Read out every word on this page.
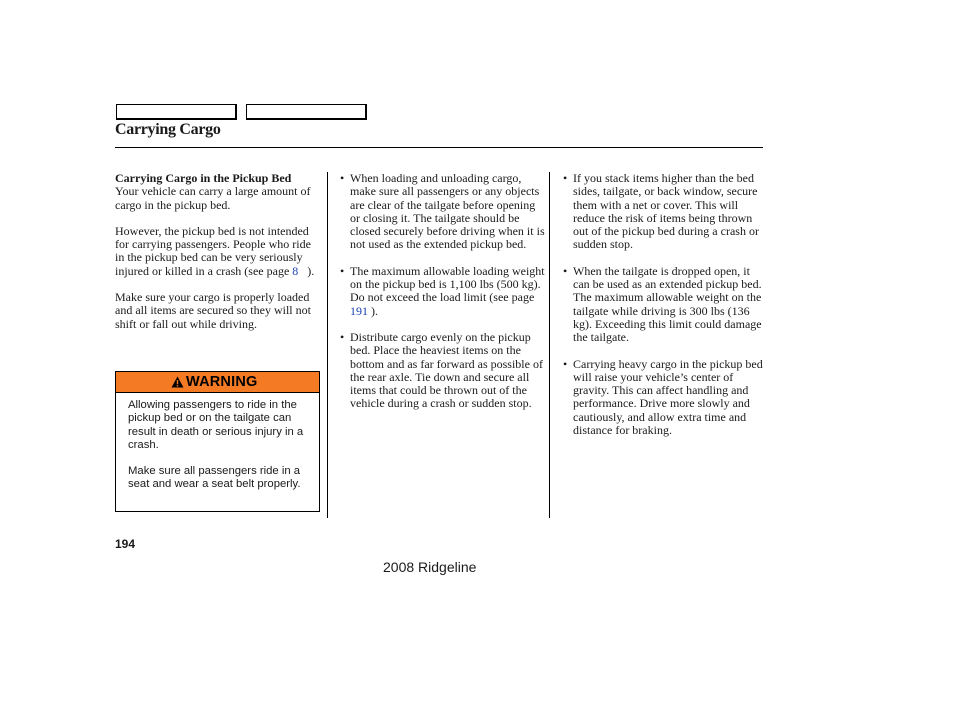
Carrying Cargo
Carrying Cargo in the Pickup Bed

Your vehicle can carry a large amount of cargo in the pickup bed.

However, the pickup bed is not intended for carrying passengers. People who ride in the pickup bed can be very seriously injured or killed in a crash (see page 8 ).

Make sure your cargo is properly loaded and all items are secured so they will not shift or fall out while driving.

WARNING

Allowing passengers to ride in the pickup bed or on the tailgate can result in death or serious injury in a crash.

Make sure all passengers ride in a seat and wear a seat belt properly.

• When loading and unloading cargo, make sure all passengers or any objects are clear of the tailgate before opening or closing it. The tailgate should be closed securely before driving when it is not used as the extended pickup bed.
• The maximum allowable loading weight on the pickup bed is 1,100 lbs (500 kg). Do not exceed the load limit (see page 191 ).
• Distribute cargo evenly on the pickup bed. Place the heaviest items on the bottom and as far forward as possible of the rear axle. Tie down and secure all items that could be thrown out of the vehicle during a crash or sudden stop.
• If you stack items higher than the bed sides, tailgate, or back window, secure them with a net or cover. This will reduce the risk of items being thrown out of the pickup bed during a crash or sudden stop.
• When the tailgate is dropped open, it can be used as an extended pickup bed. The maximum allowable weight on the tailgate while driving is 300 lbs (136 kg). Exceeding this limit could damage the tailgate.
• Carrying heavy cargo in the pickup bed will raise your vehicle’s center of gravity. This can affect handling and performance. Drive more slowly and cautiously, and allow extra time and distance for braking.
194
2008 Ridgeline
